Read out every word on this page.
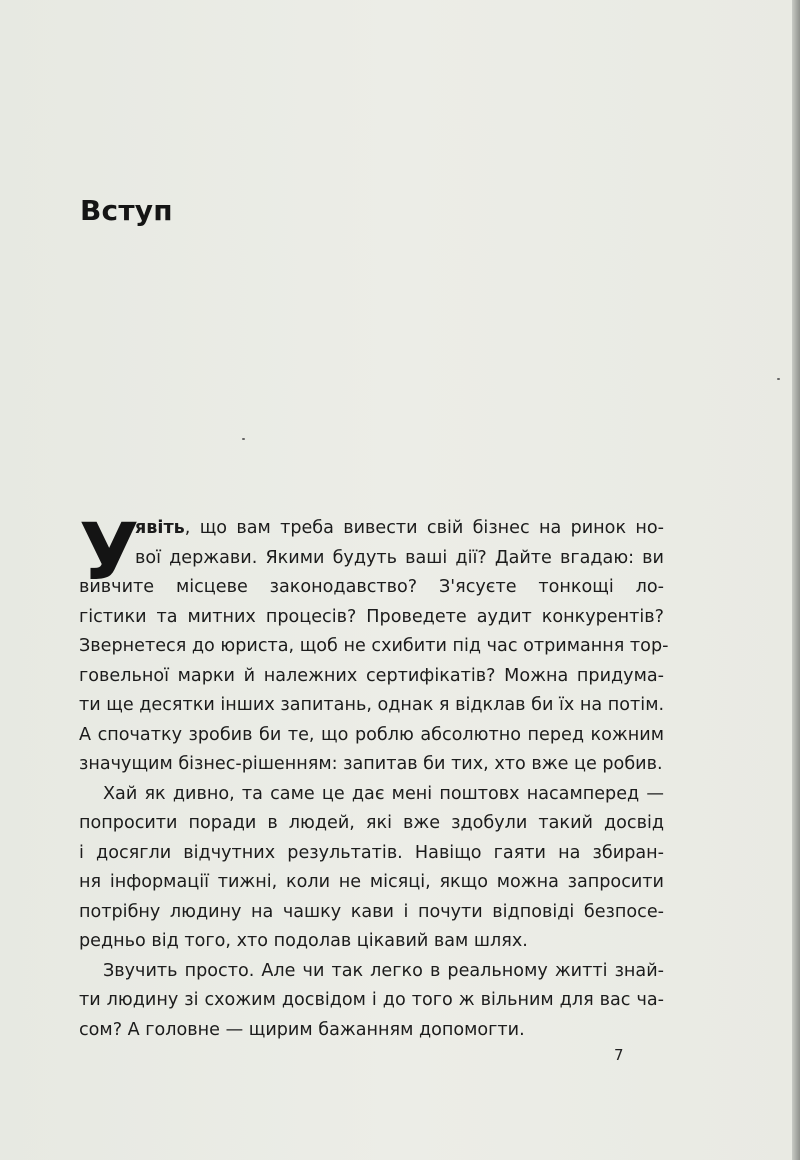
Вступ
У
явіть, що вам треба вивести свій бізнес на ринок но-
вої держави. Якими будуть ваші дії? Дайте вгадаю: ви
вивчите місцеве законодавство? З'ясуєте тонкощі ло-
гістики та митних процесів? Проведете аудит конкурентів?
Звернетеся до юриста, щоб не схибити під час отримання тор-
говельної марки й належних сертифікатів? Можна придума-
ти ще десятки інших запитань, однак я відклав би їх на потім.
А спочатку зробив би те, що роблю абсолютно перед кожним
значущим бізнес-рішенням: запитав би тих, хто вже це робив.
Хай як дивно, та саме це дає мені поштовх насамперед —
попросити поради в людей, які вже здобули такий досвід
і досягли відчутних результатів. Навіщо гаяти на збиран-
ня інформації тижні, коли не місяці, якщо можна запросити
потрібну людину на чашку кави і почути відповіді безпосе-
редньо від того, хто подолав цікавий вам шлях.
Звучить просто. Але чи так легко в реальному житті знай-
ти людину зі схожим досвідом і до того ж вільним для вас ча-
сом? А головне — щирим бажанням допомогти.
7
